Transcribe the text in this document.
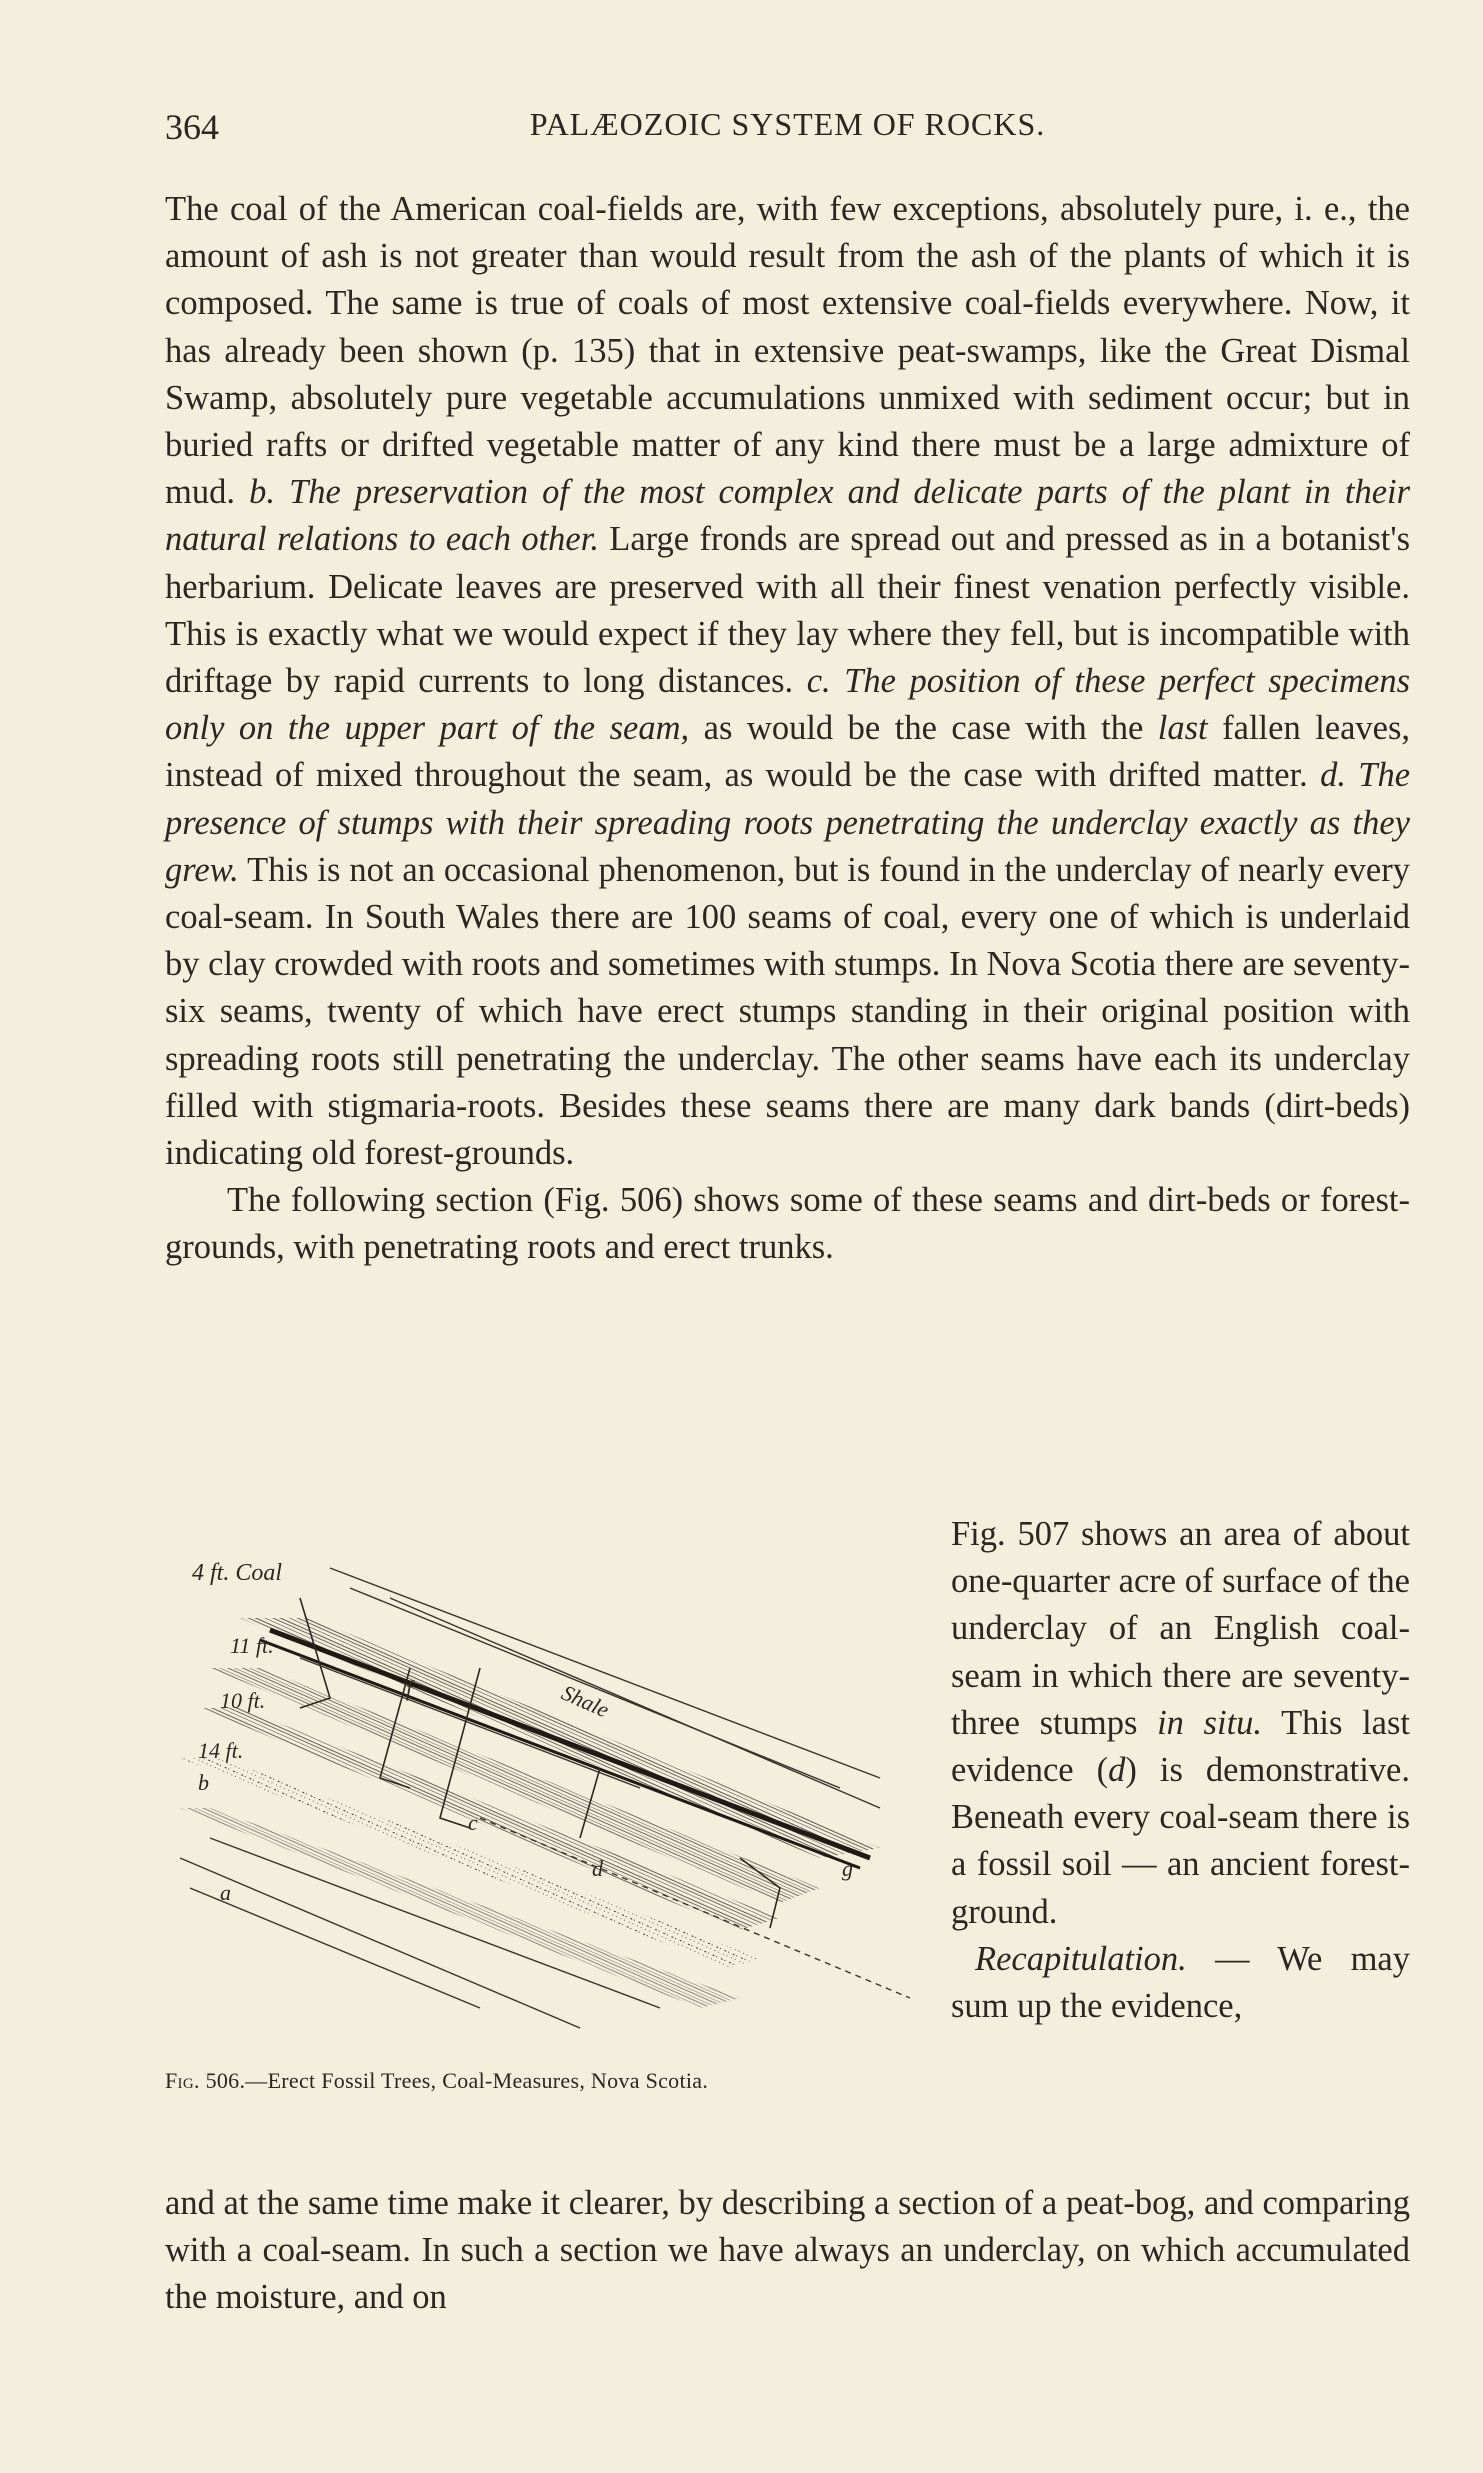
364	PALÆOZOIC SYSTEM OF ROCKS.

The coal of the American coal-fields are, with few exceptions, absolutely pure, i. e., the amount of ash is not greater than would result from the ash of the plants of which it is composed. The same is true of coals of most extensive coal-fields everywhere. Now, it has already been shown (p. 135) that in extensive peat-swamps, like the Great Dismal Swamp, absolutely pure vegetable accumulations unmixed with sediment occur; but in buried rafts or drifted vegetable matter of any kind there must be a large admixture of mud. b. The preservation of the most complex and delicate parts of the plant in their natural relations to each other. Large fronds are spread out and pressed as in a botanist's herbarium. Delicate leaves are preserved with all their finest venation perfectly visible. This is exactly what we would expect if they lay where they fell, but is incompatible with driftage by rapid currents to long distances. c. The position of these perfect specimens only on the upper part of the seam, as would be the case with the last fallen leaves, instead of mixed throughout the seam, as would be the case with drifted matter. d. The presence of stumps with their spreading roots penetrating the underclay exactly as they grew. This is not an occasional phenomenon, but is found in the underclay of nearly every coal-seam. In South Wales there are 100 seams of coal, every one of which is underlaid by clay crowded with roots and sometimes with stumps. In Nova Scotia there are seventy-six seams, twenty of which have erect stumps standing in their original position with spreading roots still penetrating the underclay. The other seams have each its underclay filled with stigmaria-roots. Besides these seams there are many dark bands (dirt-beds) indicating old forest-grounds.

The following section (Fig. 506) shows some of these seams and dirt-beds or forest-grounds, with penetrating roots and erect trunks.

Fig. 507 shows an area of about one-quarter acre of surface of the underclay of an English coal-seam in which there are seventy-three stumps in situ. This last evidence (d) is demonstrative. Beneath every coal-seam there is a fossil soil — an ancient forest-ground.

Recapitulation. — We may sum up the evidence,

4 ft. Coal
11 ft.
10 ft.
14 ft.
b
a
c
d
f
g
Shale
Fig. 506.—Erect Fossil Trees, Coal-Measures, Nova Scotia.

and at the same time make it clearer, by describing a section of a peat-bog, and comparing with a coal-seam. In such a section we have always an underclay, on which accumulated the moisture, and on
